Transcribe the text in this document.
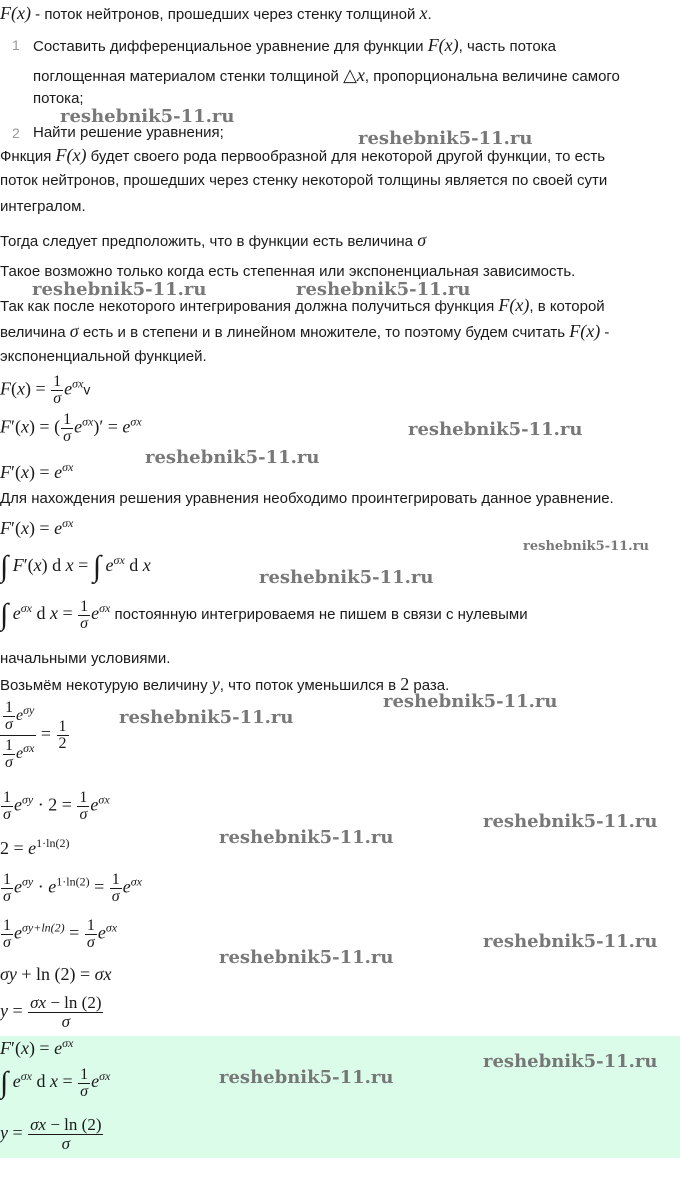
F(x) - поток нейтронов, прошедших через стенку толщиной x.
1 Составить дифференциальное уравнение для функции F(x), часть потока
поглощенная материалом стенки толщиной △x, пропорциональна величине самого
потока;
2 Найти решение уравнения;
Фнкция F(x) будет своего рода первообразной для некоторой другой функции, то есть
поток нейтронов, прошедших через стенку некоторой толщины является по своей сути
интегралом.
Тогда следует предположить, что в функции есть величина σ
Такое возможно только когда есть степенная или экспоненциальная зависимость.
Так как после некоторого интегрирования должна получиться функция F(x), в которой
величина σ есть и в степени и в линейном множителе, то поэтому будем считать F(x) -
экспоненциальной функцией.
$F(x) = \frac{1}{\sigma} e^{\sigma x}v$
F′(x) = ( $\frac{1}{\sigma} e^{\sigma x})' = e^{\sigma x}$
$F'(x) = e^{\sigma x}$
Для нахождения решения уравнения необходимо проинтегрировать данное уравнение.
$F'(x) = e^{\sigma x}$
∫ F′(x) d x = ∫ $e^{\sigma x}$ d x
∫ $e^{\sigma x}$ d $x = \frac{1}{\sigma} e^{\sigma x}$ постоянную интегрироваемя не пишем в связи с нулевыми
начальными условиями.
Возьмём некотурую величину y, что поток уменьшился в 2 раза.
$\frac{1}{\sigma} e^{\sigma y}$
$\frac{1}{\sigma} e^{\sigma x}$
= $\frac{1}{2}$
$\frac{1}{\sigma} e^{\sigma y} \cdot 2 = \frac{1}{\sigma} e^{\sigma x}$
$2 = e^{1\cdot ln(2)}$
$\frac{1}{\sigma} e^{\sigma y} \cdot e^{1\cdot ln(2)} = \frac{1}{\sigma} e^{\sigma x}$
$\frac{1}{\sigma} e^{\sigma y+ln(2)} = \frac{1}{\sigma} e^{\sigma x}$
σy + ln (2) = σx
$y = \frac{\sigma x - \ln (2)}{\sigma}$
$F'(x) = e^{\sigma x}$
∫ $e^{\sigma x}$ d $x = \frac{1}{\sigma} e^{\sigma x}$
$y = \frac{\sigma x - \ln (2)}{\sigma}$
reshebnik5-11.ru
reshebnik5-11.ru
reshebnik5-11.ru	reshebnik5-11.ru
reshebnik5-11.ru
reshebnik5-11.ru
reshebnik5-11.ru
reshebnik5-11.ru
reshebnik5-11.ru
reshebnik5-11.ru
reshebnik5-11.ru
reshebnik5-11.ru
reshebnik5-11.ru
reshebnik5-11.ru
reshebnik5-11.ru
reshebnik5-11.ru
